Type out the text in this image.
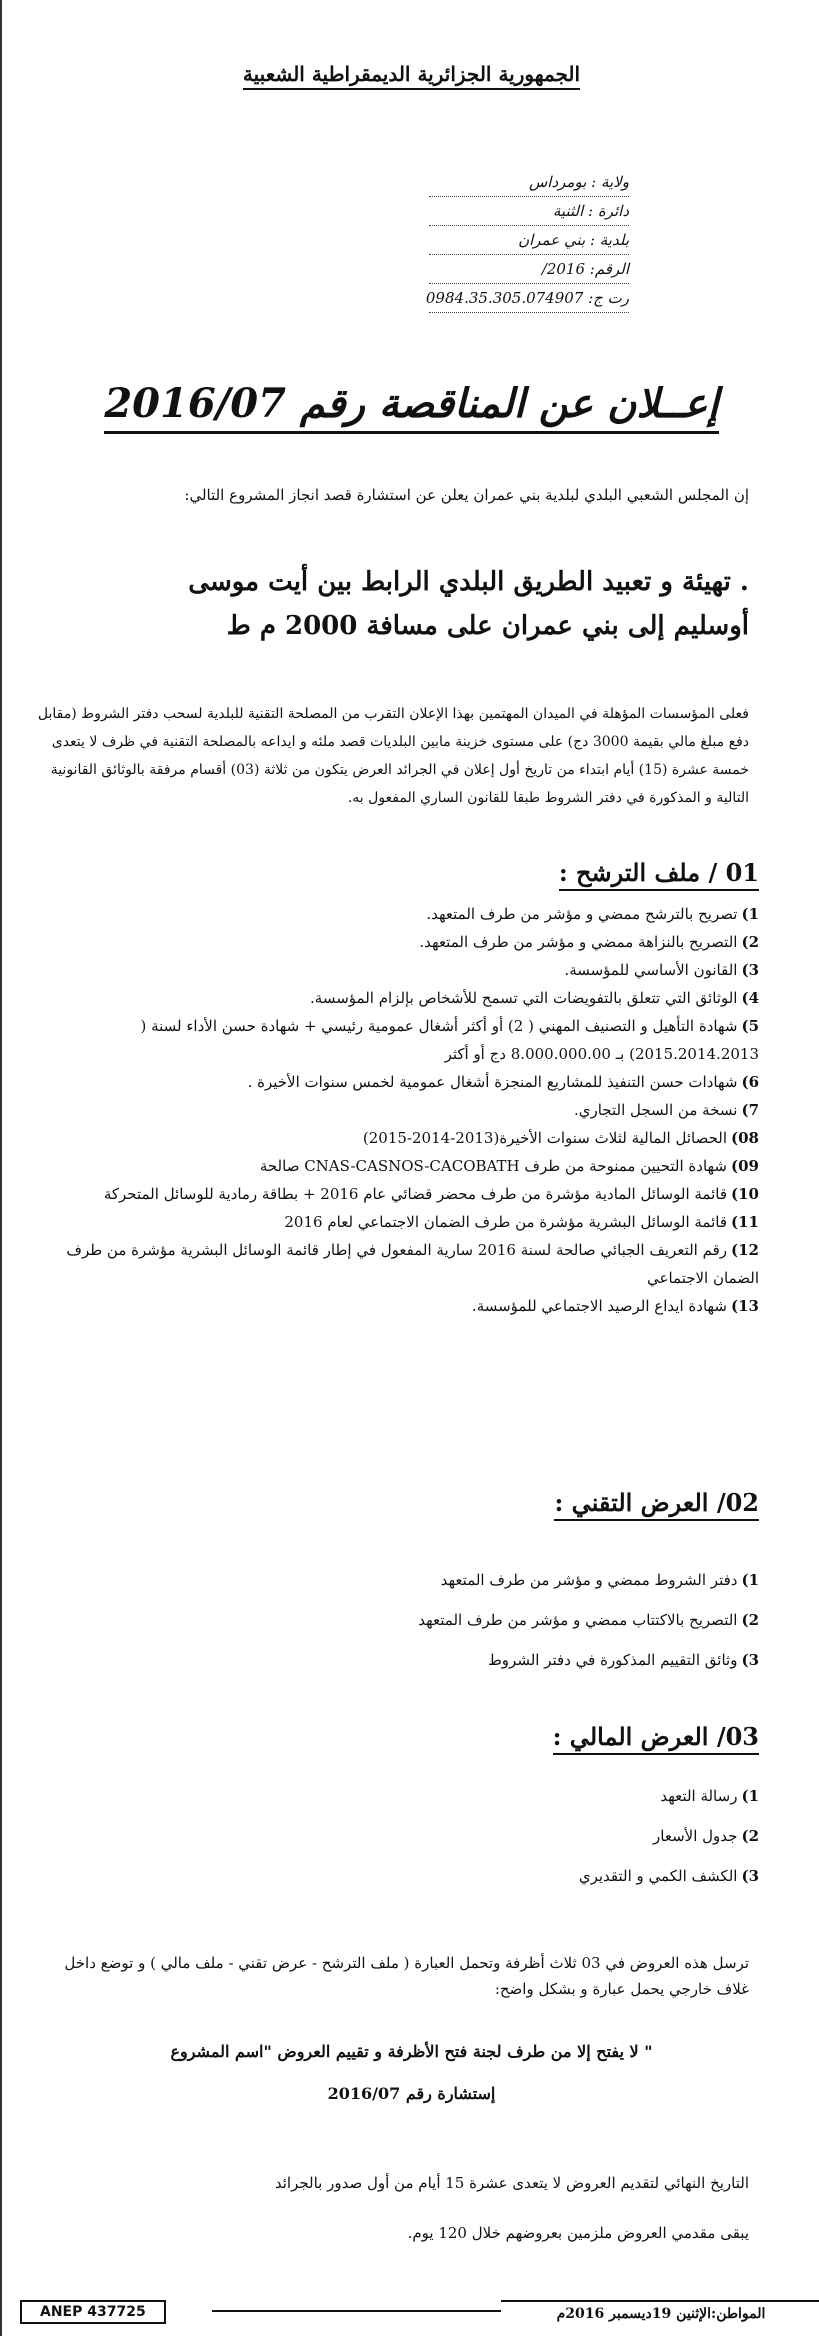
الجمهورية الجزائرية الديمقراطية الشعبية
ولاية : بومرداس
دائرة : الثنية
بلدية : بني عمران
الرقم: 2016/
رت ج: 0984.35.305.074907
إعــلان عن المناقصة رقم 2016/07
إن المجلس الشعبي البلدي لبلدية بني عمران يعلن عن استشارة قصد انجاز المشروع التالي:
. تهيئة و تعبيد الطريق البلدي الرابط بين أيت موسى أوسليم إلى بني عمران على مسافة 2000 م ط
فعلى المؤسسات المؤهلة في الميدان المهتمين بهذا الإعلان التقرب من المصلحة التقنية للبلدية لسحب دفتر الشروط (مقابل دفع مبلغ مالي بقيمة 3000 دج) على مستوى خزينة مابين البلديات قصد ملئه و ايداعه بالمصلحة التقنية في ظرف لا يتعدى خمسة عشرة (15) أيام ابتداء من تاريخ أول إعلان في الجرائد العرض يتكون من ثلاثة (03) أقسام مرفقة بالوثائق القانونية التالية و المذكورة في دفتر الشروط طبقا للقانون الساري المفعول به.
01 / ملف الترشح :
1)تصريح بالترشح ممضي و مؤشر من طرف المتعهد.
2)التصريح بالنزاهة ممضي و مؤشر من طرف المتعهد.
3)القانون الأساسي للمؤسسة.
4)الوثائق التي تتعلق بالتفويضات التي تسمح للأشخاص بإلزام المؤسسة.
5)شهادة التأهيل و التصنيف المهني ( 2) أو أكثر أشغال عمومية رئيسي + شهادة حسن الأداء لسنة ( 2015.2014.2013) بـ 8.000.000.00 دج أو أكثر
6)شهادات حسن التنفيذ للمشاريع المنجزة أشغال عمومية لخمس سنوات الأخيرة .
7)نسخة من السجل التجاري.
08)الحصائل المالية لثلاث سنوات الأخيرة(2013-2014-2015)
09)شهادة التحيين ممنوحة من طرف CNAS-CASNOS-CACOBATH صالحة
10)قائمة الوسائل المادية مؤشرة من طرف محضر قضائي عام 2016 + بطاقة رمادية للوسائل المتحركة
11)قائمة الوسائل البشرية مؤشرة من طرف الضمان الاجتماعي لعام 2016
12)رقم التعريف الجبائي صالحة لسنة 2016 سارية المفعول في إطار قائمة الوسائل البشرية مؤشرة من طرف الضمان الاجتماعي
13)شهادة ايداع الرصيد الاجتماعي للمؤسسة.
02/ العرض التقني :
1)دفتر الشروط ممضي و مؤشر من طرف المتعهد
2)التصريح بالاكتتاب ممضي و مؤشر من طرف المتعهد
3)وثائق التقييم المذكورة في دفتر الشروط
03/ العرض المالي :
1)رسالة التعهد
2)جدول الأسعار
3)الكشف الكمي و التقديري
ترسل هذه العروض في 03 ثلاث أظرفة وتحمل العبارة ( ملف الترشح - عرض تقني - ملف مالي ) و توضع داخل غلاف خارجي يحمل عبارة و بشكل واضح:
" لا يفتح إلا من طرف لجنة فتح الأظرفة و تقييم العروض "اسم المشروع
إستشارة رقم 2016/07
التاريخ النهائي لتقديم العروض لا يتعدى عشرة 15 أيام من أول صدور بالجرائد
يبقى مقدمي العروض ملزمين بعروضهم خلال 120 يوم.
ANEP 437725	المواطن:الإثنين 19ديسمبر 2016م
